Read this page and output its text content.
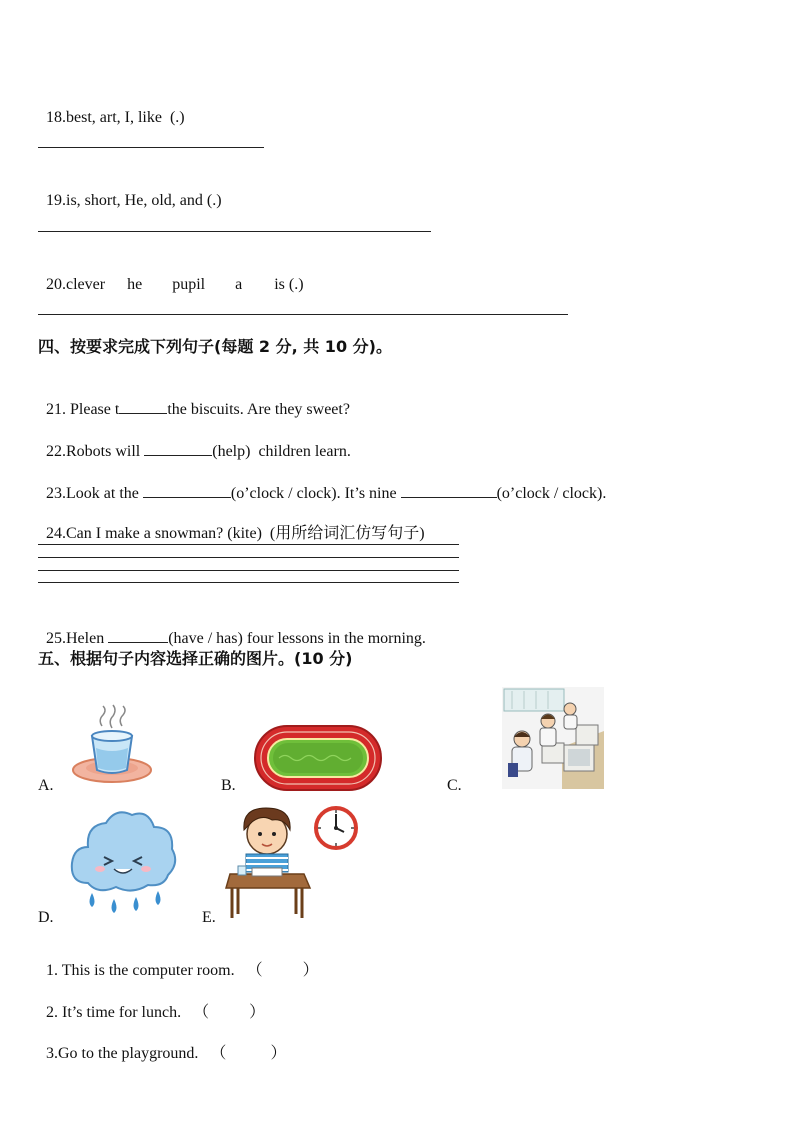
18.best, art, I, like  (.)

19.is, short, He, old, and (.)

20.clever he pupil a is (.)

四、按要求完成下列句子(每题 2 分, 共 10 分)。

21. Please t	the biscuits. Are they sweet?

22.Robots will	(help)  children learn.

23.Look at the	(o’clock / clock). It’s nine	(o’clock / clock).

24.Can I make a snowman? (kite)  (用所给词汇仿写句子)

25.Helen	(have / has) four lessons in the morning.

五、根据句子内容选择正确的图片。(10 分)
A.	B.	C.
D.	E.

1. This is the computer room. （	）

2. It’s time for lunch. （	）

3.Go to the playground. （	）
